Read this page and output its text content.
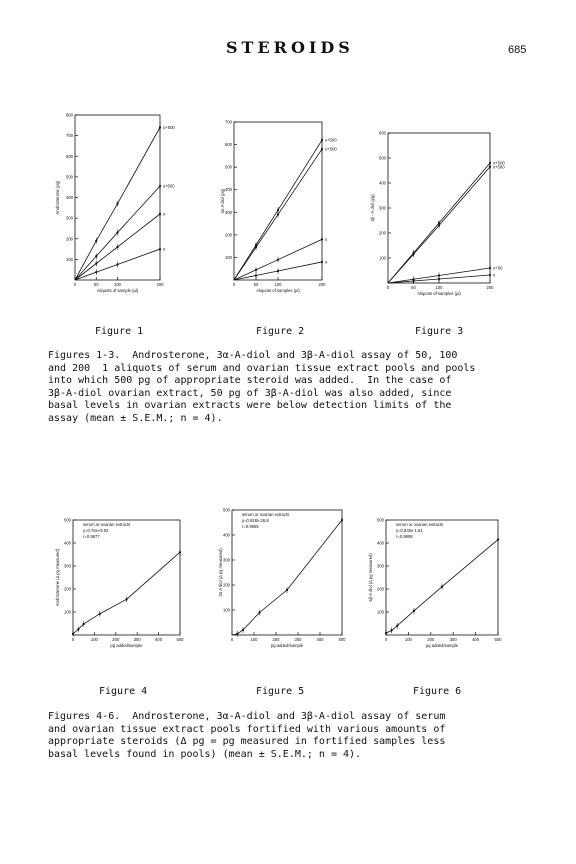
STEROIDS	685
100
200
300
400
500
600
700
800
0	50	100	200
Aliquots of sample (µl)
Androsterone (pg)
o+500
s+500
o
s
100
200
300
400
500
600
700
0	50	100	200
Aliquots of samples (µl)
3α A diol (pg)
s+500
o+500
s
o
100
200
300
400
500
600
0	50	100	200
Aliquots of samples (µl)
3β - A diol (pg)
o+500
s+500
o+50
s
Figure 1	Figure 2	Figure 3
Figures 1-3.  Androsterone, 3α-A-diol and 3β-A-diol assay of 50, 100
and 200  1 aliquots of serum and ovarian tissue extract pools and pools
into which 500 pg of appropriate steroid was added.  In the case of
3β-A-diol ovarian extract, 50 pg of 3β-A-diol was also added, since
basal levels in ovarian extracts were below detection limits of the
assay (mean ± S.E.M.; n = 4).
100
200
300
400
500
0	100	200	300	400	500
pg added/sample
Androsterone (Δ pg measured)
serum or ovarian extracts
y=0.76x+9.53
r=0.9977
100
200
300
400
500
0	100	200	300	400	500
pg added/sample
3α A diol (Δ pg measured)
serum or ovarian extracts
y=0.928x-26.8
r=0.9965
100
200
300
400
500
0	100	200	300	400	500
pg added/sample
3β-A diol (Δ pg measured)
serum or ovarian extracts
y=0.835x-1.61
r=0.9998
Figure 4	Figure 5	Figure 6
Figures 4-6.  Androsterone, 3α-A-diol and 3β-A-diol assay of serum
and ovarian tissue extract pools fortified with various amounts of
appropriate steroids (Δ pg = pg measured in fortified samples less
basal levels found in pools) (mean ± S.E.M.; n = 4).
